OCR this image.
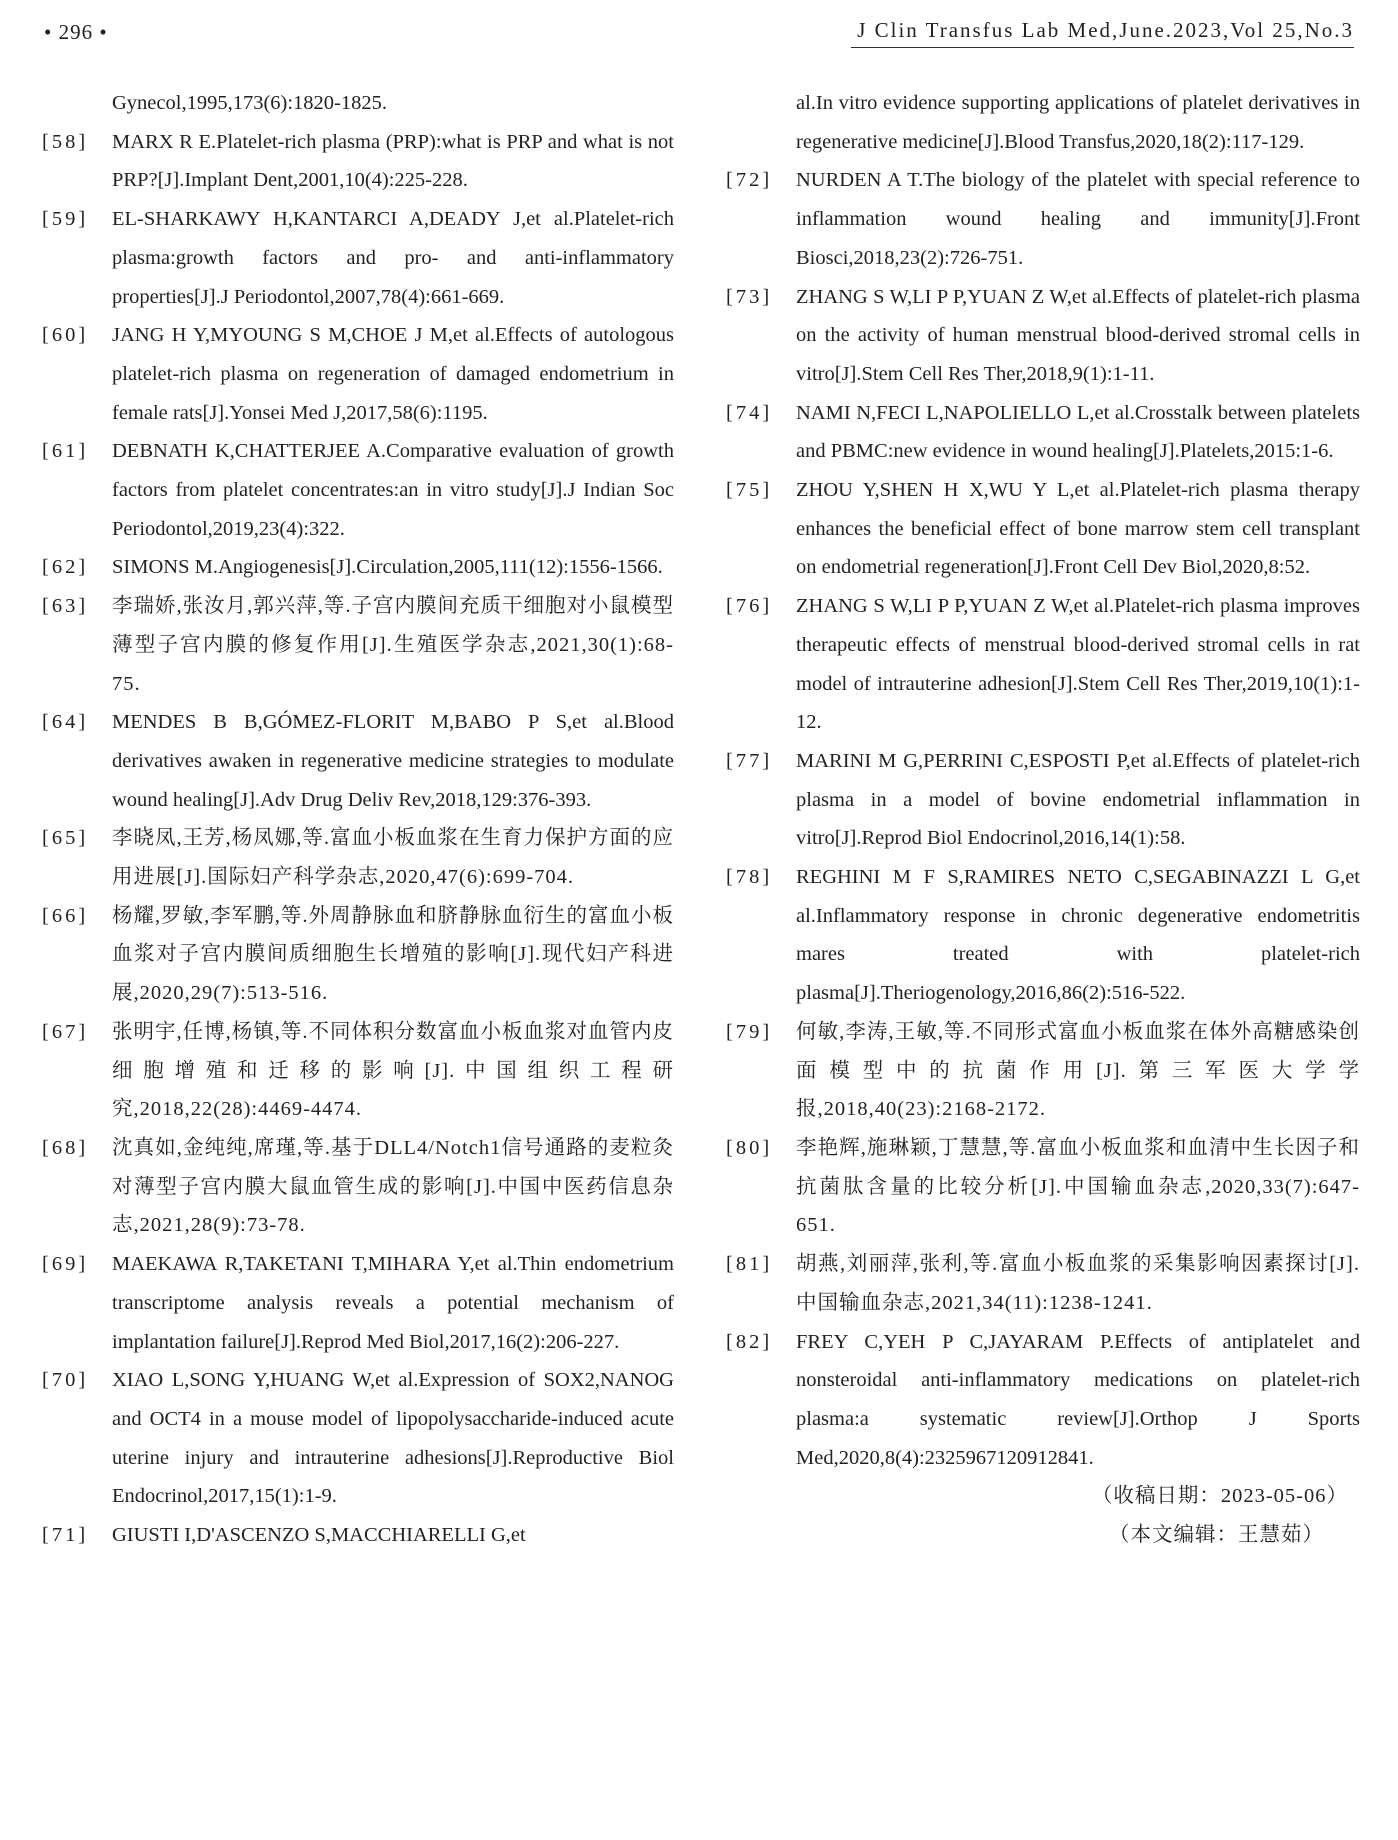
• 296 •	J Clin Transfus Lab Med,June.2023,Vol 25,No.3
Gynecol,1995,173(6):1820-1825.
[58] MARX R E.Platelet-rich plasma (PRP):what is PRP and what is not PRP?[J].Implant Dent,2001,10(4):225-228.
[59] EL-SHARKAWY H,KANTARCI A,DEADY J,et al.Platelet-rich plasma:growth factors and pro- and anti-inflammatory properties[J].J Periodontol,2007,78(4):661-669.
[60] JANG H Y,MYOUNG S M,CHOE J M,et al.Effects of autologous platelet-rich plasma on regeneration of damaged endometrium in female rats[J].Yonsei Med J,2017,58(6):1195.
[61] DEBNATH K,CHATTERJEE A.Comparative evaluation of growth factors from platelet concentrates:an in vitro study[J].J Indian Soc Periodontol,2019,23(4):322.
[62] SIMONS M.Angiogenesis[J].Circulation,2005,111(12):1556-1566.
[63] 李瑞娇,张汝月,郭兴萍,等.子宫内膜间充质干细胞对小鼠模型薄型子宫内膜的修复作用[J].生殖医学杂志,2021,30(1):68-75.
[64] MENDES B B,GÓMEZ-FLORIT M,BABO P S,et al.Blood derivatives awaken in regenerative medicine strategies to modulate wound healing[J].Adv Drug Deliv Rev,2018,129:376-393.
[65] 李晓凤,王芳,杨凤娜,等.富血小板血浆在生育力保护方面的应用进展[J].国际妇产科学杂志,2020,47(6):699-704.
[66] 杨耀,罗敏,李军鹏,等.外周静脉血和脐静脉血衍生的富血小板血浆对子宫内膜间质细胞生长增殖的影响[J].现代妇产科进展,2020,29(7):513-516.
[67] 张明宇,任博,杨镇,等.不同体积分数富血小板血浆对血管内皮细胞增殖和迁移的影响[J].中国组织工程研究,2018,22(28):4469-4474.
[68] 沈真如,金纯纯,席瑾,等.基于DLL4/Notch1信号通路的麦粒灸对薄型子宫内膜大鼠血管生成的影响[J].中国中医药信息杂志,2021,28(9):73-78.
[69] MAEKAWA R,TAKETANI T,MIHARA Y,et al.Thin endometrium transcriptome analysis reveals a potential mechanism of implantation failure[J].Reprod Med Biol,2017,16(2):206-227.
[70] XIAO L,SONG Y,HUANG W,et al.Expression of SOX2,NANOG and OCT4 in a mouse model of lipopolysaccharide-induced acute uterine injury and intrauterine adhesions[J].Reproductive Biol Endocrinol,2017,15(1):1-9.
[71] GIUSTI I,D'ASCENZO S,MACCHIARELLI G,et
al.In vitro evidence supporting applications of platelet derivatives in regenerative medicine[J].Blood Transfus,2020,18(2):117-129.
[72] NURDEN A T.The biology of the platelet with special reference to inflammation wound healing and immunity[J].Front Biosci,2018,23(2):726-751.
[73] ZHANG S W,LI P P,YUAN Z W,et al.Effects of platelet-rich plasma on the activity of human menstrual blood-derived stromal cells in vitro[J].Stem Cell Res Ther,2018,9(1):1-11.
[74] NAMI N,FECI L,NAPOLIELLO L,et al.Crosstalk between platelets and PBMC:new evidence in wound healing[J].Platelets,2015:1-6.
[75] ZHOU Y,SHEN H X,WU Y L,et al.Platelet-rich plasma therapy enhances the beneficial effect of bone marrow stem cell transplant on endometrial regeneration[J].Front Cell Dev Biol,2020,8:52.
[76] ZHANG S W,LI P P,YUAN Z W,et al.Platelet-rich plasma improves therapeutic effects of menstrual blood-derived stromal cells in rat model of intrauterine adhesion[J].Stem Cell Res Ther,2019,10(1):1-12.
[77] MARINI M G,PERRINI C,ESPOSTI P,et al.Effects of platelet-rich plasma in a model of bovine endometrial inflammation in vitro[J].Reprod Biol Endocrinol,2016,14(1):58.
[78] REGHINI M F S,RAMIRES NETO C,SEGABINAZZI L G,et al.Inflammatory response in chronic degenerative endometritis mares treated with platelet-rich plasma[J].Theriogenology,2016,86(2):516-522.
[79] 何敏,李涛,王敏,等.不同形式富血小板血浆在体外高糖感染创面模型中的抗菌作用[J].第三军医大学学报,2018,40(23):2168-2172.
[80] 李艳辉,施琳颖,丁慧慧,等.富血小板血浆和血清中生长因子和抗菌肽含量的比较分析[J].中国输血杂志,2020,33(7):647-651.
[81] 胡燕,刘丽萍,张利,等.富血小板血浆的采集影响因素探讨[J].中国输血杂志,2021,34(11):1238-1241.
[82] FREY C,YEH P C,JAYARAM P.Effects of antiplatelet and nonsteroidal anti-inflammatory medications on platelet-rich plasma:a systematic review[J].Orthop J Sports Med,2020,8(4):2325967120912841.
（收稿日期：2023-05-06）
（本文编辑：王慧茹）
